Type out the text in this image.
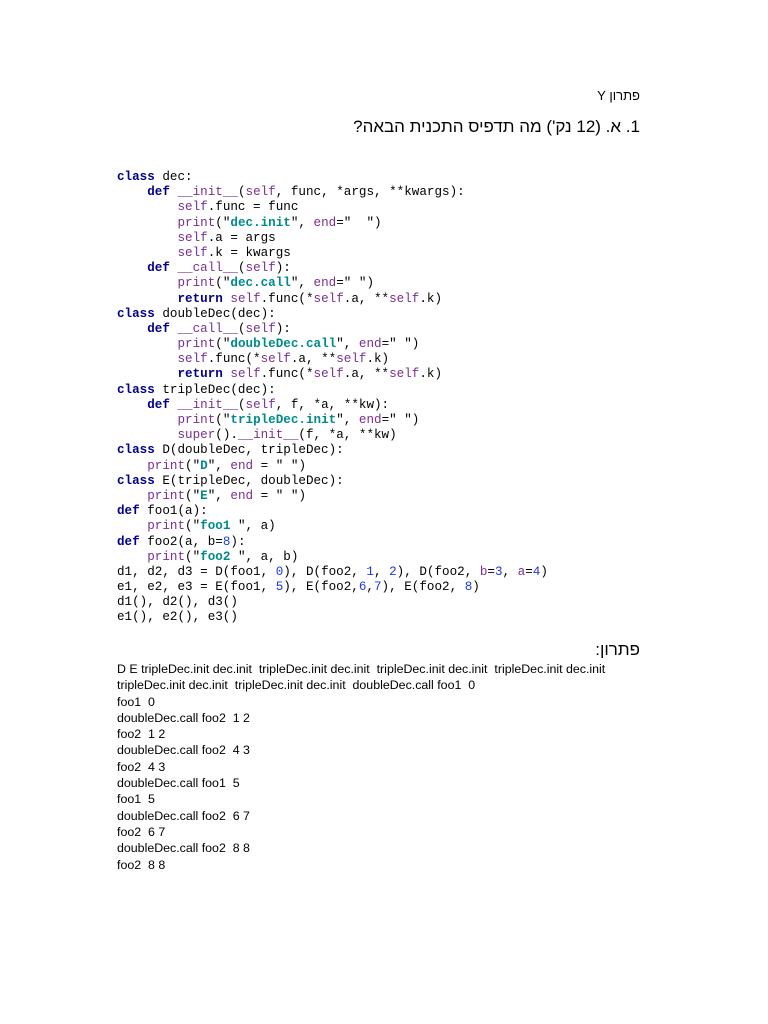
פתרון Y
1. א. (12 נק') מה תדפיס התכנית הבאה?
class dec:
def __init__(self, func, *args, **kwargs):
self.func = func
print("dec.init", end="  ")
self.a = args
self.k = kwargs
def __call__(self):
print("dec.call", end=" ")
return self.func(*self.a, **self.k)
class doubleDec(dec):
def __call__(self):
print("doubleDec.call", end=" ")
self.func(*self.a, **self.k)
return self.func(*self.a, **self.k)
class tripleDec(dec):
def __init__(self, f, *a, **kw):
print("tripleDec.init", end=" ")
super().__init__(f, *a, **kw)
class D(doubleDec, tripleDec):
print("D", end = " ")
class E(tripleDec, doubleDec):
print("E", end = " ")
def foo1(a):
print("foo1 ", a)
def foo2(a, b=8):
print("foo2 ", a, b)
d1, d2, d3 = D(foo1, 0), D(foo2, 1, 2), D(foo2, b=3, a=4)
e1, e2, e3 = E(foo1, 5), E(foo2,6,7), E(foo2, 8)
d1(), d2(), d3()
e1(), e2(), e3()
פתרון:
D E tripleDec.init dec.init  tripleDec.init dec.init  tripleDec.init dec.init  tripleDec.init dec.init
tripleDec.init dec.init  tripleDec.init dec.init  doubleDec.call foo1  0
foo1  0
doubleDec.call foo2  1 2
foo2  1 2
doubleDec.call foo2  4 3
foo2  4 3
doubleDec.call foo1  5
foo1  5
doubleDec.call foo2  6 7
foo2  6 7
doubleDec.call foo2  8 8
foo2  8 8
